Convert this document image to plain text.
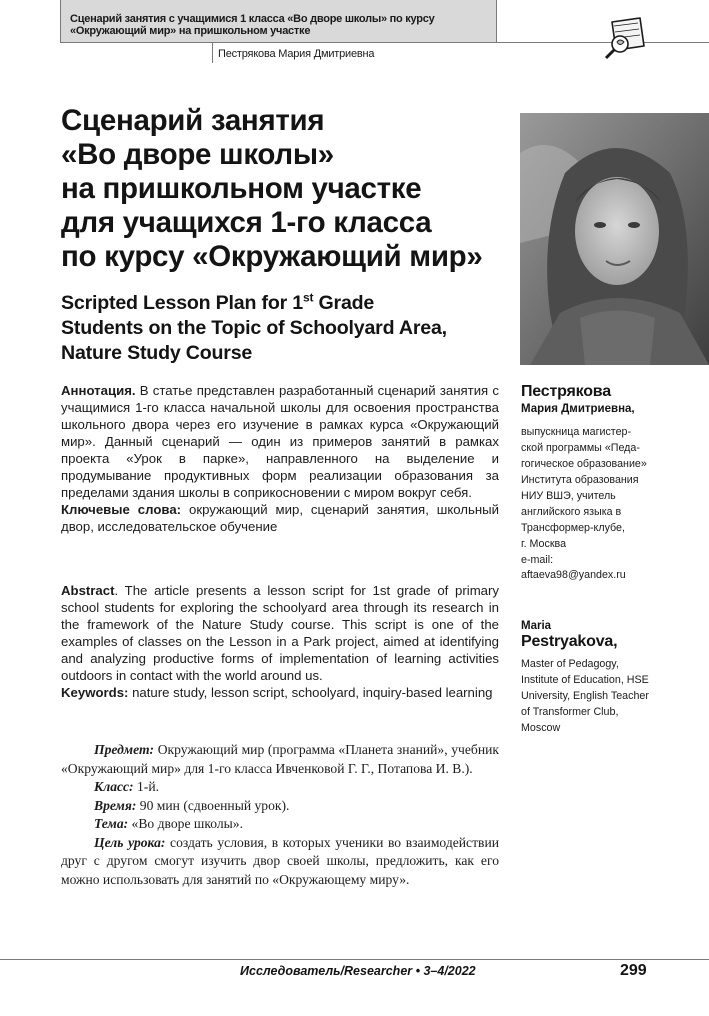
Сценарий занятия с учащимися 1 класса «Во дворе школы» по курсу
«Окружающий мир» на пришкольном участке
Пестрякова Мария Дмитриевна
Сценарий занятия
«Во дворе школы»
на пришкольном участке
для учащихся 1-го класса
по курсу «Окружающий мир»
Scripted Lesson Plan for 1st Grade
Students on the Topic of Schoolyard Area,
Nature Study Course
Аннотация. В статье представлен разработанный сценарий занятия с учащимися 1-го класса начальной школы для освоения пространства школьного двора через его изучение в рамках курса «Окружающий мир». Данный сценарий — один из примеров занятий в рамках проекта «Урок в парке», направленного на выделение и продумывание продуктивных форм реализации образования за пределами здания школы в соприкосновении с миром вокруг себя.
Ключевые слова: окружающий мир, сценарий занятия, школьный двор, исследовательское обучение
Abstract. The article presents a lesson script for 1st grade of primary school students for exploring the schoolyard area through its research in the framework of the Nature Study course. This script is one of the examples of classes on the Lesson in a Park project, aimed at identifying and analyzing productive forms of implementation of learning activities outdoors in contact with the world around us.
Keywords: nature study, lesson script, schoolyard, inquiry-based learning

Предмет: Окружающий мир (программа «Планета знаний», учебник «Окружающий мир» для 1-го класса Ивченковой Г. Г., Потапова И. В.).

Класс: 1-й.

Время: 90 мин (сдвоенный урок).

Тема: «Во дворе школы».

Цель урока: создать условия, в которых ученики во взаимодействии друг с другом смогут изучить двор своей школы, предложить, как его можно использовать для занятий по «Окружающему миру».

Пестрякова
Мария Дмитриевна,
выпускница магистер-
ской программы «Педа-
гогическое образование»
Института образования
НИУ ВШЭ, учитель
английского языка в
Трансформер-клубе,
г. Москва
e-mail:
aftaeva98@yandex.ru
Maria
Pestryakova,
Master of Pedagogy,
Institute of Education, HSE
University, English Teacher
of Transformer Club,
Moscow
Исследователь/Researcher • 3–4/2022	299
